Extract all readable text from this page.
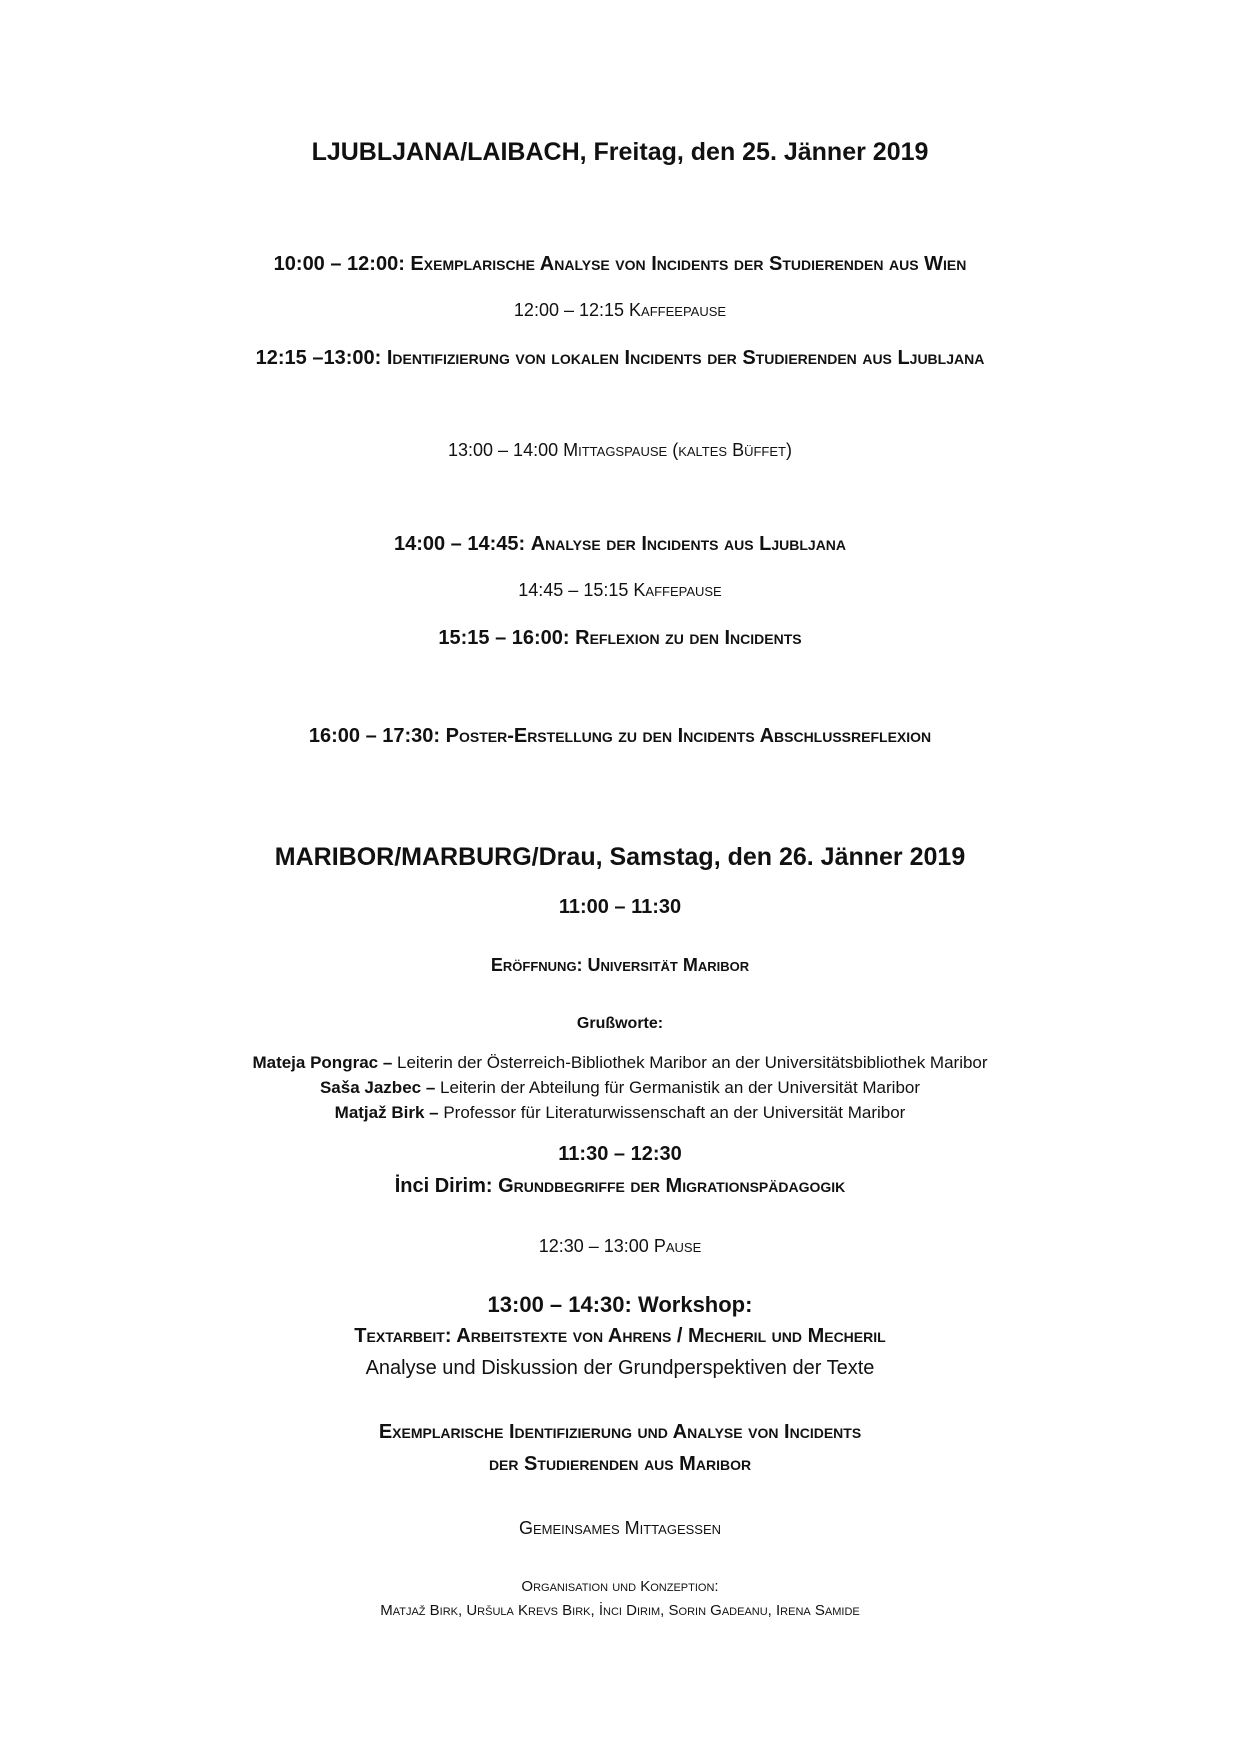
LJUBLJANA/LAIBACH, Freitag, den 25. Jänner 2019
10:00 – 12:00: Exemplarische Analyse von Incidents der Studierenden aus Wien
12:00 – 12:15 Kaffeepause
12:15 –13:00: Identifizierung von lokalen Incidents der Studierenden aus Ljubljana
13:00 – 14:00 Mittagspause (kaltes Büffet)
14:00 – 14:45: Analyse der Incidents aus Ljubljana
14:45 – 15:15 Kaffepause
15:15 – 16:00: Reflexion zu den Incidents
16:00 – 17:30: Poster-Erstellung zu den Incidents Abschlussreflexion
MARIBOR/MARBURG/Drau, Samstag, den 26. Jänner 2019
11:00 – 11:30
Eröffnung: Universität Maribor
Grußworte:
Mateja Pongrac – Leiterin der Österreich-Bibliothek Maribor an der Universitätsbibliothek Maribor
Saša Jazbec – Leiterin der Abteilung für Germanistik an der Universität Maribor
Matjaž Birk – Professor für Literaturwissenschaft an der Universität Maribor
11:30 – 12:30
İnci Dirim: Grundbegriffe der Migrationspädagogik
12:30 – 13:00 Pause
13:00 – 14:30: Workshop:
Textarbeit: Arbeitstexte von Ahrens / Mecheril und Mecheril
Analyse und Diskussion der Grundperspektiven der Texte
Exemplarische Identifizierung und Analyse von Incidents
der Studierenden aus Maribor
Gemeinsames Mittagessen
Organisation und Konzeption:
Matjaž Birk, Uršula Krevs Birk, İnci Dirim, Sorin Gadeanu, Irena Samide
